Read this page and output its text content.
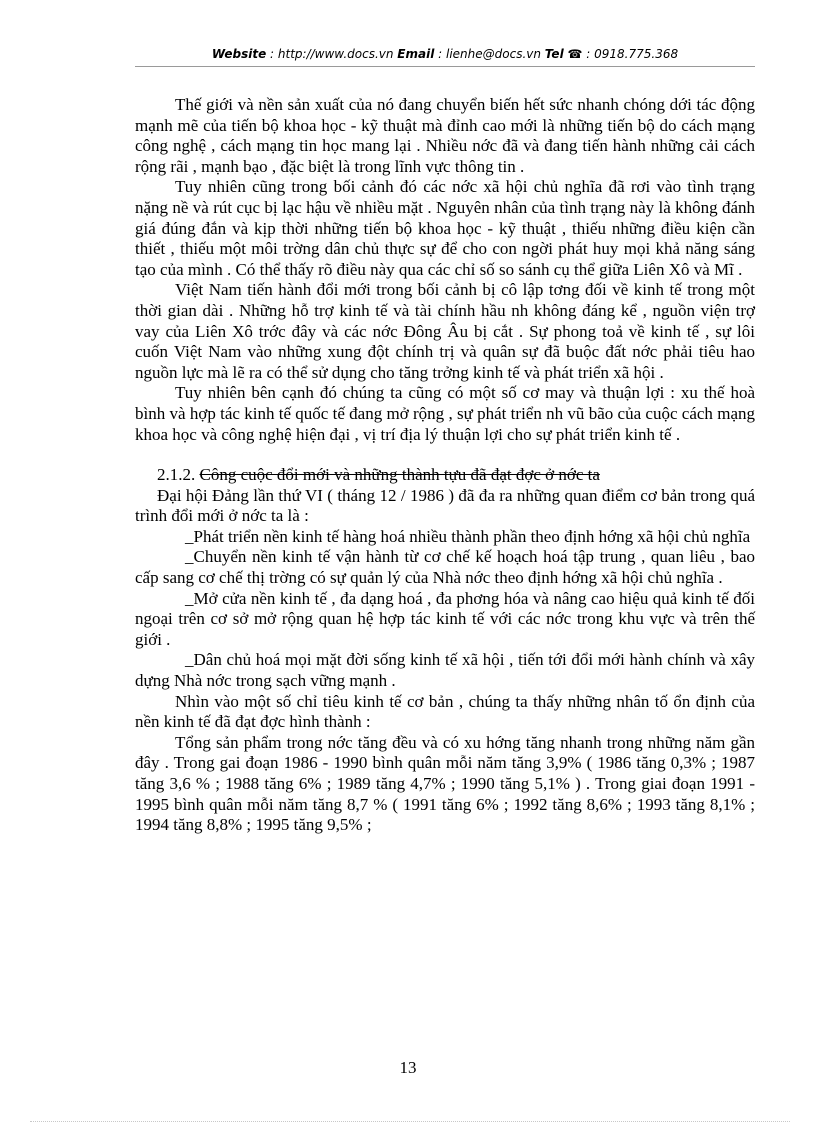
Website : http://www.docs.vn Email : lienhe@docs.vn Tel ☎ : 0918.775.368

Thế giới và nền sản xuất của nó đang chuyển biến hết sức nhanh chóng dới tác động mạnh mẽ của tiến bộ khoa học - kỹ thuật mà đỉnh cao mới là những tiến bộ do cách mạng công nghệ , cách mạng tin học mang lại . Nhiều nớc đã và đang tiến hành những cải cách rộng rãi , mạnh bạo , đặc biệt là trong lĩnh vực thông tin .

Tuy nhiên cũng trong bối cảnh đó các nớc xã hội chủ nghĩa đã rơi vào tình trạng nặng nề và rút cục bị lạc hậu về nhiều mặt . Nguyên nhân của tình trạng này là không đánh giá đúng đắn và kịp thời những tiến bộ khoa học - kỹ thuật , thiếu những điều kiện cần thiết , thiếu một môi trờng dân chủ thực sự để cho con ngời phát huy mọi khả năng sáng tạo của mình . Có thể thấy rõ điều này qua các chỉ số so sánh cụ thể giữa Liên Xô và Mĩ .

Việt Nam tiến hành đổi mới trong bối cảnh bị cô lập tơng đối về kinh tế trong một thời gian dài . Những hỗ trợ kinh tế và tài chính hầu nh không đáng kể , nguồn viện trợ vay của Liên Xô trớc đây và các nớc Đông Âu bị cắt . Sự phong toả về kinh tế , sự lôi cuốn Việt Nam vào những xung đột chính trị và quân sự đã buộc đất nớc phải tiêu hao nguồn lực mà lẽ ra có thể sử dụng cho tăng trởng kinh tế và phát triển xã hội .

Tuy nhiên bên cạnh đó chúng ta cũng có một số cơ may và thuận lợi : xu thế hoà bình và hợp tác kinh tế quốc tế đang mở rộng , sự phát triển nh vũ bão của cuộc cách mạng khoa học và công nghệ hiện đại , vị trí địa lý thuận lợi cho sự phát triển kinh tế .

2.1.2. Công cuộc đổi mới và những thành tựu đã đạt đợc ở nớc ta

Đại hội Đảng lần thứ VI ( tháng 12 / 1986 ) đã đa ra những quan điểm cơ bản trong quá trình đổi mới ở nớc ta là :

_Phát triển nền kinh tế hàng hoá nhiều thành phần theo định hớng xã hội chủ nghĩa

_Chuyển nền kinh tế vận hành từ cơ chế kế hoạch hoá tập trung , quan liêu , bao cấp sang cơ chế thị trờng có sự quản lý của Nhà nớc theo định hớng xã hội chủ nghĩa .

_Mở cửa nền kinh tế , đa dạng hoá , đa phơng hóa và nâng cao hiệu quả kinh tế đối ngoại trên cơ sở mở rộng quan hệ hợp tác kinh tế với các nớc trong khu vực và trên thế giới .

_Dân chủ hoá mọi mặt đời sống kinh tế xã hội , tiến tới đổi mới hành chính và xây dựng Nhà nớc trong sạch vững mạnh .

Nhìn vào một số chỉ tiêu kinh tế cơ bản , chúng ta thấy những nhân tố ổn định của nền kinh tế đã đạt đợc hình thành :

Tổng sản phẩm trong nớc tăng đều và có xu hớng tăng nhanh trong những năm gần đây . Trong gai đoạn 1986 - 1990 bình quân mỗi năm tăng 3,9% ( 1986 tăng 0,3% ; 1987 tăng 3,6 % ; 1988 tăng 6% ; 1989 tăng 4,7% ; 1990 tăng 5,1% ) . Trong giai đoạn 1991 - 1995 bình quân mỗi năm tăng 8,7 % ( 1991 tăng 6% ; 1992 tăng 8,6% ; 1993 tăng 8,1% ; 1994 tăng 8,8% ; 1995 tăng 9,5% ;

13
